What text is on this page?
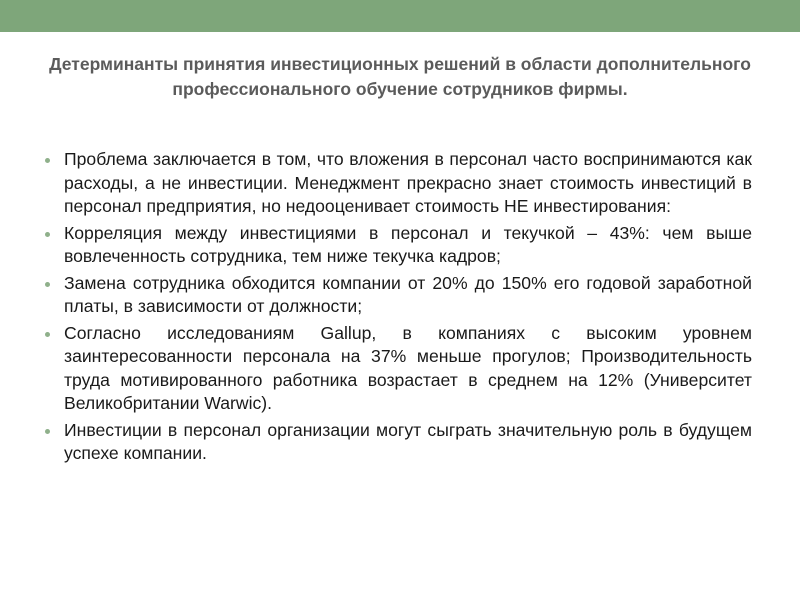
Детерминанты принятия инвестиционных решений в области дополнительного профессионального обучение сотрудников фирмы.
Проблема заключается в том, что вложения в персонал часто воспринимаются как расходы, а не инвестиции. Менеджмент прекрасно знает стоимость инвестиций в персонал предприятия, но недооценивает стоимость НЕ инвестирования:
Корреляция между инвестициями в персонал и текучкой – 43%: чем выше вовлеченность сотрудника, тем ниже текучка кадров;
Замена сотрудника обходится компании от 20% до 150% его годовой заработной платы, в зависимости от должности;
Согласно исследованиям Gallup, в компаниях с высоким уровнем заинтересованности персонала на 37% меньше прогулов; Производительность труда мотивированного работника возрастает в среднем на 12% (Университет Великобритании Warwic).
Инвестиции в персонал организации могут сыграть значительную роль в будущем успехе компании.
